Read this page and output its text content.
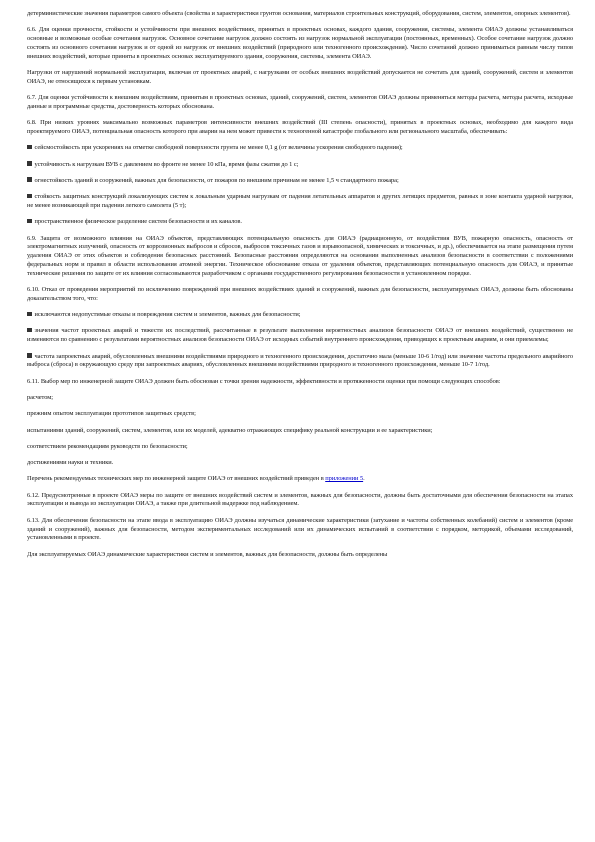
детерминистические значения параметров самого объекта (свойства и характеристики грунтов основания, материалов строительных конструкций, оборудования, систем, элементов, опорных элементов).

6.6. Для оценки прочности, стойкости и устойчивости при внешних воздействиях, принятых в проектных основах, каждого здания, сооружения, системы, элемента ОИАЭ должны устанавливаться основные и возможные особые сочетания нагрузок. Основное сочетание нагрузок должно состоять из нагрузок нормальной эксплуатации (постоянных, временных). Особое сочетание нагрузок должно состоять из основного сочетания нагрузок и от одной из нагрузок от внешних воздействий (природного или техногенного происхождения). Число сочетаний должно приниматься равным числу типов внешних воздействий, которые приняты в проектных основах эксплуатируемого здания, сооружения, системы, элемента ОИАЭ.

Нагрузки от нарушений нормальной эксплуатации, включая от проектных аварий, с нагрузками от особых внешних воздействий допускается не сочетать для зданий, сооружений, систем и элементов ОИАЭ, не относящихся к первым установкам.

6.7. Для оценки устойчивости к внешним воздействиям, принятым в проектных основах, зданий, сооружений, систем, элементов ОИАЭ должны применяться методы расчета, методы расчета, исходные данные и программные средства, достоверность которых обоснована.

6.8. При низких уровнях максимально возможных параметров интенсивности внешних воздействий (III степень опасности), принятых в проектных основах, необходимо для каждого вида проектируемого ОИАЭ, потенциальная опасность которого при аварии на нем может привести к техногенной катастрофе глобального или регионального масштаба, обеспечивать:

сейсмостойкость при ускорениях на отметке свободной поверхности грунта не менее 0,1 g (от величины ускорения свободного падения);

устойчивость к нагрузкам ВУВ с давлением во фронте не менее 10 кПа, время фазы сжатия до 1 с;

огнестойкость зданий и сооружений, важных для безопасности, от пожаров по внешним причинам не менее 1,5 ч стандартного пожара;

стойкость защитных конструкций локализующих систем к локальным ударным нагрузкам от падения летательных аппаратов и других летящих предметов, равных в зоне контакта ударной нагрузки, не менее возникающей при падении легкого самолета (5 т);

пространственное физическое разделение систем безопасности и их каналов.

6.9. Защита от возможного влияния на ОИАЭ объектов, представляющих потенциальную опасность для ОИАЭ (радиационную, от воздействия ВУВ, пожарную опасность, опасность от электромагнитных излучений, опасность от коррозионных выбросов и сбросов, выбросов токсичных газов и взрывоопасной, химических и токсичных, и др.), обеспечивается на этапе размещения путем удаления ОИАЭ от этих объектов и соблюдения безопасных расстояний. Безопасные расстояния определяются на основании выполненных анализов безопасности в соответствии с положениями федеральных норм и правил в области использования атомной энергии. Техническое обоснование отказа от удаления объектов, представляющих потенциальную опасность для ОИАЭ, и принятые технические решения по защите от их влияния согласовываются разработчиком с органами государственного регулирования безопасности в установленном порядке.

6.10. Отказ от проведения мероприятий по исключению повреждений при внешних воздействиях зданий и сооружений, важных для безопасности, эксплуатируемых ОИАЭ, должны быть обоснованы доказательством того, что:

исключаются недопустимые отказы и повреждения систем и элементов, важных для безопасности;

значения частот проектных аварий и тяжести их последствий, рассчитанные в результате выполнения вероятностных анализов безопасности ОИАЭ от внешних воздействий, существенно не изменяются по сравнению с результатами вероятностных анализов безопасности ОИАЭ от исходных событий внутреннего происхождения, приводящих к проектным авариям, и они приемлемы;

частота запроектных аварий, обусловленных внешними воздействиями природного и техногенного происхождения, достаточно мала (меньше 10-6 1/год) или значение частоты предельного аварийного выброса (сброса) в окружающую среду при запроектных авариях, обусловленных внешними воздействиями природного и техногенного происхождения, меньше 10-7 1/год.

6.11. Выбор мер по инженерной защите ОИАЭ должен быть обоснован с точки зрения надежности, эффективности и протяженности оценки при помощи следующих способов:

расчетом;

прежним опытом эксплуатации прототипов защитных средств;

испытаниями зданий, сооружений, систем, элементов, или их моделей, адекватно отражающих специфику реальной конструкции и ее характеристики;

соответствием рекомендациям руководств по безопасности;

достижениями науки и техники.

Перечень рекомендуемых технических мер по инженерной защите ОИАЭ от внешних воздействий приведен в приложении 5.

6.12. Предусмотренные в проекте ОИАЭ меры по защите от внешних воздействий систем и элементов, важных для безопасности, должны быть достаточными для обеспечения безопасности на этапах эксплуатации и вывода из эксплуатации ОИАЭ, а также при длительной выдержке под наблюдением.

6.13. Для обеспечения безопасности на этапе ввода в эксплуатацию ОИАЭ должны изучаться динамические характеристики (затухание и частоты собственных колебаний) систем и элементов (кроме зданий и сооружений), важных для безопасности, методом экспериментальных исследований или их динамических испытаний в соответствии с порядком, методикой, объемами исследований, установленными в проекте.

Для эксплуатируемых ОИАЭ динамические характеристики систем и элементов, важных для безопасности, должны быть определены
